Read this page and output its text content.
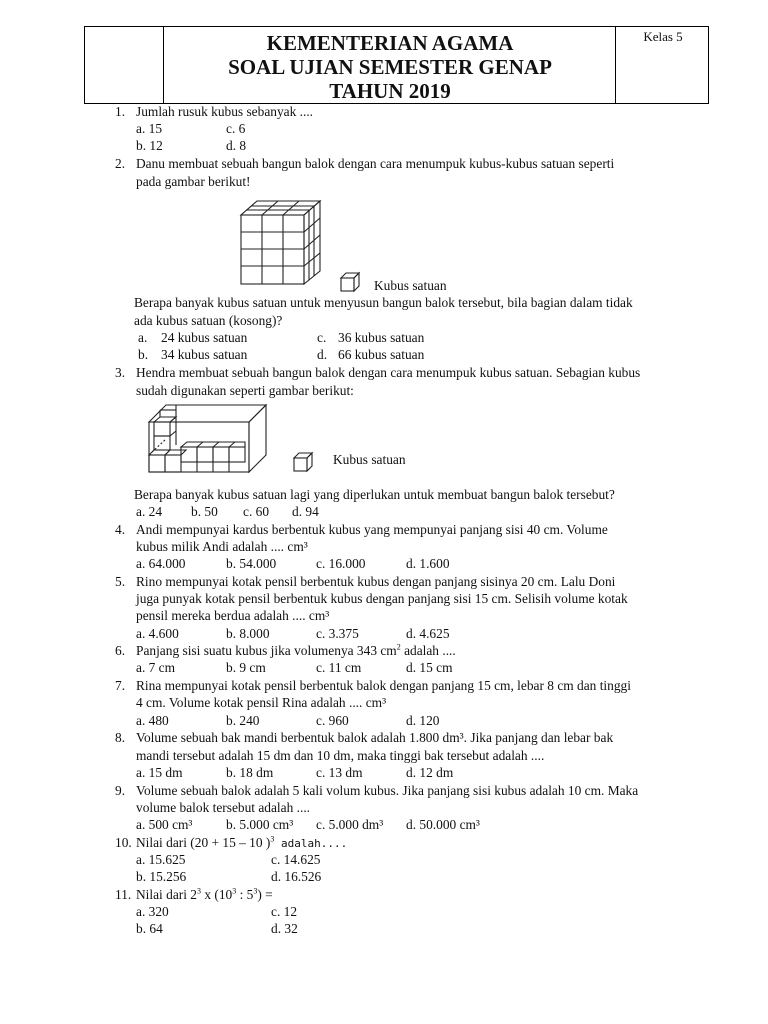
KEMENTERIAN AGAMA
SOAL UJIAN SEMESTER GENAP
TAHUN 2019
Kelas 5
1. Jumlah rusuk kubus sebanyak ....
a. 15	c. 6
b. 12	d. 8
2. Danu membuat sebuah bangun balok dengan cara menumpuk kubus-kubus satuan seperti
pada gambar berikut!
Kubus satuan
Berapa banyak kubus satuan untuk menyusun bangun balok tersebut, bila bagian dalam tidak
ada kubus satuan (kosong)?
a. 24 kubus satuan	c. 36 kubus satuan
b. 34 kubus satuan	d. 66 kubus satuan
3. Hendra membuat sebuah bangun balok dengan cara menumpuk kubus satuan. Sebagian kubus
sudah digunakan seperti gambar berikut:
Kubus satuan
Berapa banyak kubus satuan lagi yang diperlukan untuk membuat bangun balok tersebut?
a. 24 b. 50 c. 60 d. 94
4. Andi mempunyai kardus berbentuk kubus yang mempunyai panjang sisi 40 cm. Volume
kubus milik Andi adalah .... cm³
a. 64.000	b. 54.000	c. 16.000	d. 1.600
5. Rino mempunyai kotak pensil berbentuk kubus dengan panjang sisinya 20 cm. Lalu Doni
juga punyak kotak pensil berbentuk kubus dengan panjang sisi 15 cm. Selisih volume kotak
pensil mereka berdua adalah .... cm³
a. 4.600	b. 8.000	c. 3.375	d. 4.625
6. Panjang sisi suatu kubus jika volumenya 343 $cm^2$ adalah ....
a. 7 cm	b. 9 cm	c. 11 cm	d. 15 cm
7. Rina mempunyai kotak pensil berbentuk balok dengan panjang 15 cm, lebar 8 cm dan tinggi
4 cm. Volume kotak pensil Rina adalah .... cm³
a. 480	b. 240	c. 960	d. 120
8. Volume sebuah bak mandi berbentuk balok adalah 1.800 dm³. Jika panjang dan lebar bak
mandi tersebut adalah 15 dm dan 10 dm, maka tinggi bak tersebut adalah ....
a. 15 dm	b. 18 dm	c. 13 dm	d. 12 dm
9. Volume sebuah balok adalah 5 kali volum kubus. Jika panjang sisi kubus adalah 10 cm. Maka
volume balok tersebut adalah ....
a. 500 cm³	b. 5.000 cm³ c. 5.000 dm³ d. 50.000 cm³
10. Nilai dari (20 + 15 – 10 )$^3$ adalah....
a. 15.625	c. 14.625
b. 15.256	d. 16.526
11. Nilai dari $2^3$ x ($10^3$ : $5^3$) =
a. 320	c. 12
b. 64	d. 32
